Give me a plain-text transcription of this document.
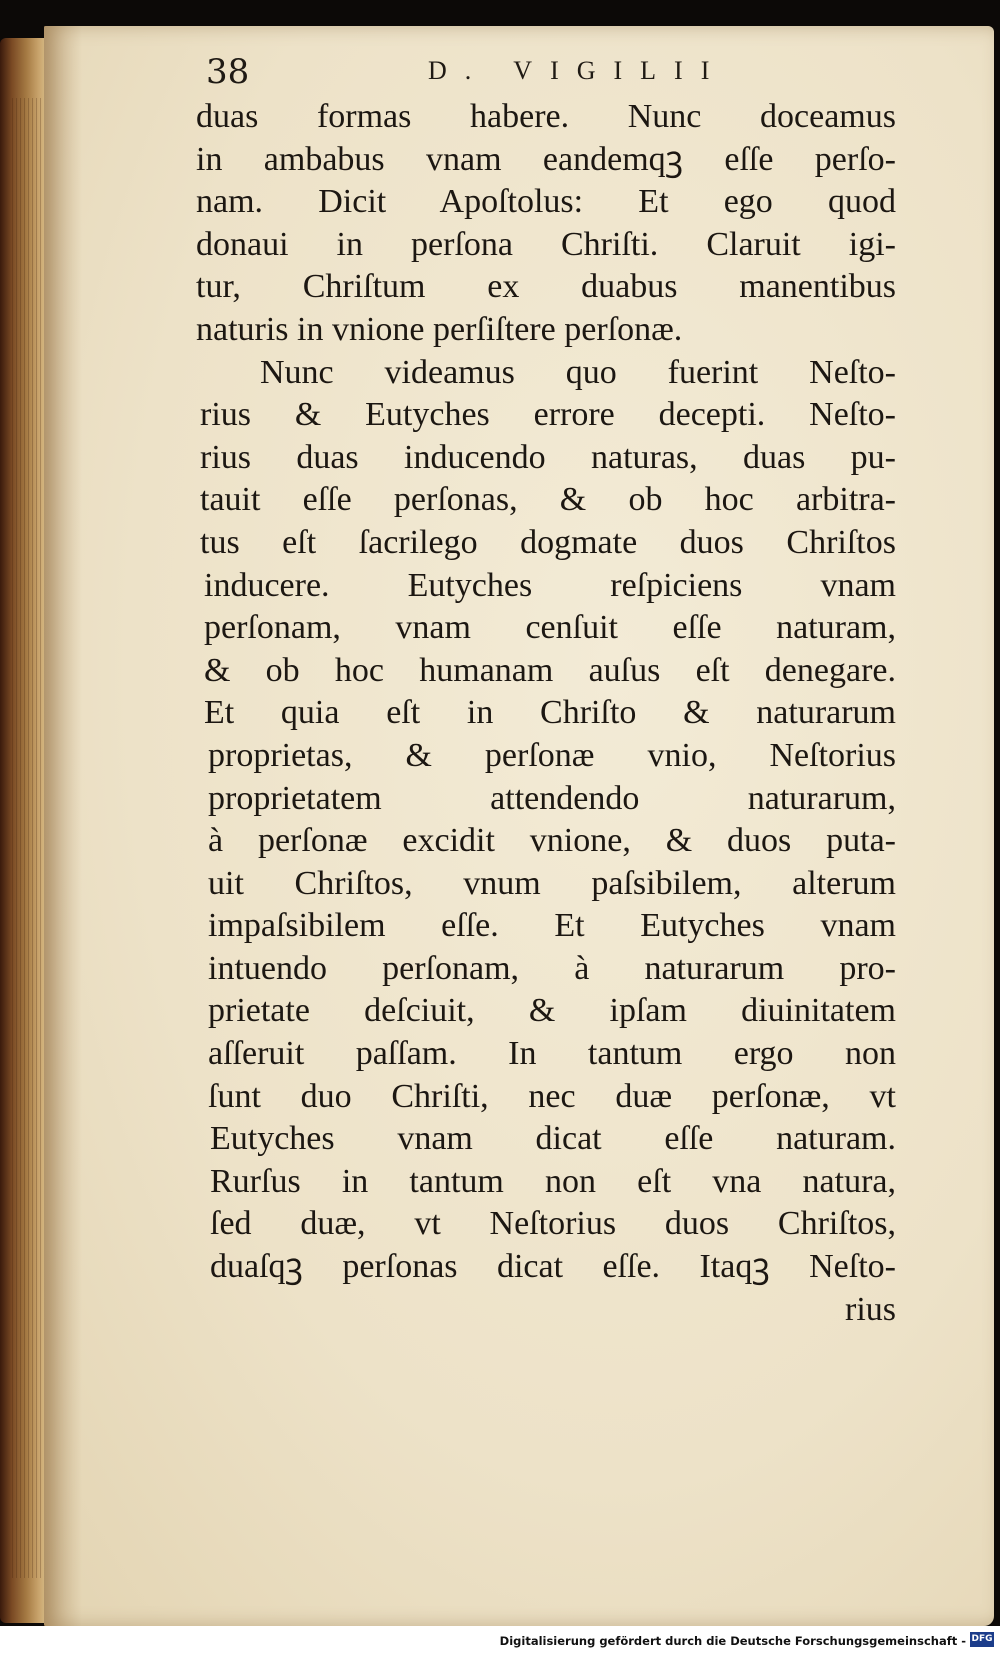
38	D. VIGILII
duas formas habere. Nunc doceamus
in ambabus vnam eandemqꝫ eſſe perſo-
nam. Dicit Apoſtolus: Et ego quod
donaui in perſona Chriſti. Claruit igi-
tur, Chriſtum ex duabus manentibus
naturis in vnione perſiſtere perſonæ.
Nunc videamus quo fuerint Neſto-
rius & Eutyches errore decepti. Neſto-
rius duas inducendo naturas, duas pu-
tauit eſſe perſonas, & ob hoc arbitra-
tus eſt ſacrilego dogmate duos Chriſtos
inducere. Eutyches reſpiciens vnam
perſonam, vnam cenſuit eſſe naturam,
& ob hoc humanam auſus eſt denegare.
Et quia eſt in Chriſto & naturarum
proprietas, & perſonæ vnio, Neſtorius
proprietatem attendendo naturarum,
à perſonæ excidit vnione, & duos puta-
uit Chriſtos, vnum paſsibilem, alterum
impaſsibilem eſſe. Et Eutyches vnam
intuendo perſonam, à naturarum pro-
prietate deſciuit, & ipſam diuinitatem
aſſeruit paſſam. In tantum ergo non
ſunt duo Chriſti, nec duæ perſonæ, vt
Eutyches vnam dicat eſſe naturam.
Rurſus in tantum non eſt vna natura,
ſed duæ, vt Neſtorius duos Chriſtos,
duaſqꝫ perſonas dicat eſſe. Itaqꝫ Neſto-
rius
Digitalisierung gefördert durch die Deutsche Forschungsgemeinschaft - DFG
